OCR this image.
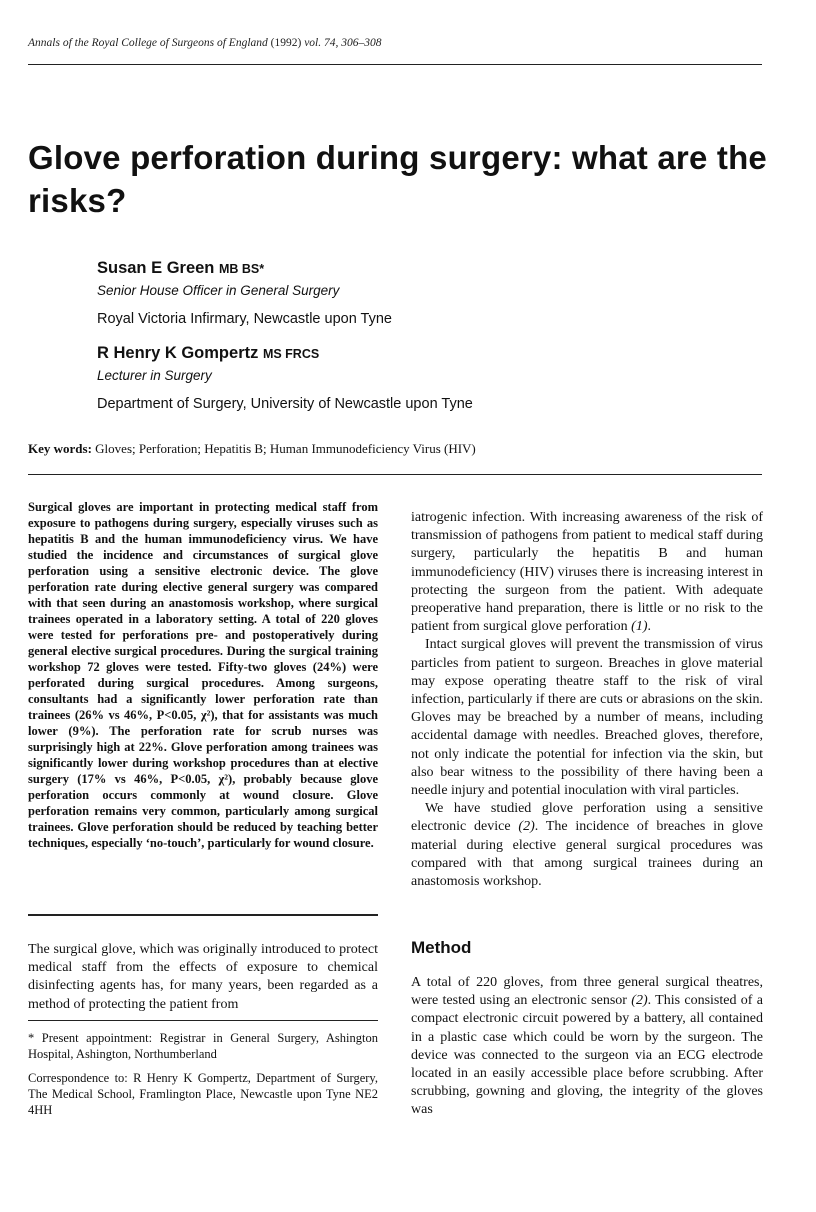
Annals of the Royal College of Surgeons of England (1992) vol. 74, 306–308
Glove perforation during surgery: what are the risks?
Susan E Green MB BS*
Senior House Officer in General Surgery
Royal Victoria Infirmary, Newcastle upon Tyne
R Henry K Gompertz MS FRCS
Lecturer in Surgery
Department of Surgery, University of Newcastle upon Tyne
Key words: Gloves; Perforation; Hepatitis B; Human Immunodeficiency Virus (HIV)

Surgical gloves are important in protecting medical staff from exposure to pathogens during surgery, especially viruses such as hepatitis B and the human immunodeficiency virus. We have studied the incidence and circumstances of surgical glove perforation using a sensitive electronic device. The glove perforation rate during elective general surgery was compared with that seen during an anastomosis workshop, where surgical trainees operated in a laboratory setting. A total of 220 gloves were tested for perforations pre- and postoperatively during general elective surgical procedures. During the surgical training workshop 72 gloves were tested. Fifty-two gloves (24%) were perforated during surgical procedures. Among surgeons, consultants had a significantly lower perforation rate than trainees (26% vs 46%, P<0.05, χ²), that for assistants was much lower (9%). The perforation rate for scrub nurses was surprisingly high at 22%. Glove perforation among trainees was significantly lower during workshop procedures than at elective surgery (17% vs 46%, P<0.05, χ²), probably because glove perforation occurs commonly at wound closure. Glove perforation remains very common, particularly among surgical trainees. Glove perforation should be reduced by teaching better techniques, especially ‘no-touch’, particularly for wound closure.

The surgical glove, which was originally introduced to protect medical staff from the effects of exposure to chemical disinfecting agents has, for many years, been regarded as a method of protecting the patient from

* Present appointment: Registrar in General Surgery, Ashington Hospital, Ashington, Northumberland

Correspondence to: R Henry K Gompertz, Department of Surgery, The Medical School, Framlington Place, Newcastle upon Tyne NE2 4HH

iatrogenic infection. With increasing awareness of the risk of transmission of pathogens from patient to medical staff during surgery, particularly the hepatitis B and human immunodeficiency (HIV) viruses there is increasing interest in protecting the surgeon from the patient. With adequate preoperative hand preparation, there is little or no risk to the patient from surgical glove perforation (1).

Intact surgical gloves will prevent the transmission of virus particles from patient to surgeon. Breaches in glove material may expose operating theatre staff to the risk of viral infection, particularly if there are cuts or abrasions on the skin. Gloves may be breached by a number of means, including accidental damage with needles. Breached gloves, therefore, not only indicate the potential for infection via the skin, but also bear witness to the possibility of there having been a needle injury and potential inoculation with viral particles.

We have studied glove perforation using a sensitive electronic device (2). The incidence of breaches in glove material during elective general surgical procedures was compared with that among surgical trainees during an anastomosis workshop.

Method

A total of 220 gloves, from three general surgical theatres, were tested using an electronic sensor (2). This consisted of a compact electronic circuit powered by a battery, all contained in a plastic case which could be worn by the surgeon. The device was connected to the surgeon via an ECG electrode located in an easily accessible place before scrubbing. After scrubbing, gowning and gloving, the integrity of the gloves was
